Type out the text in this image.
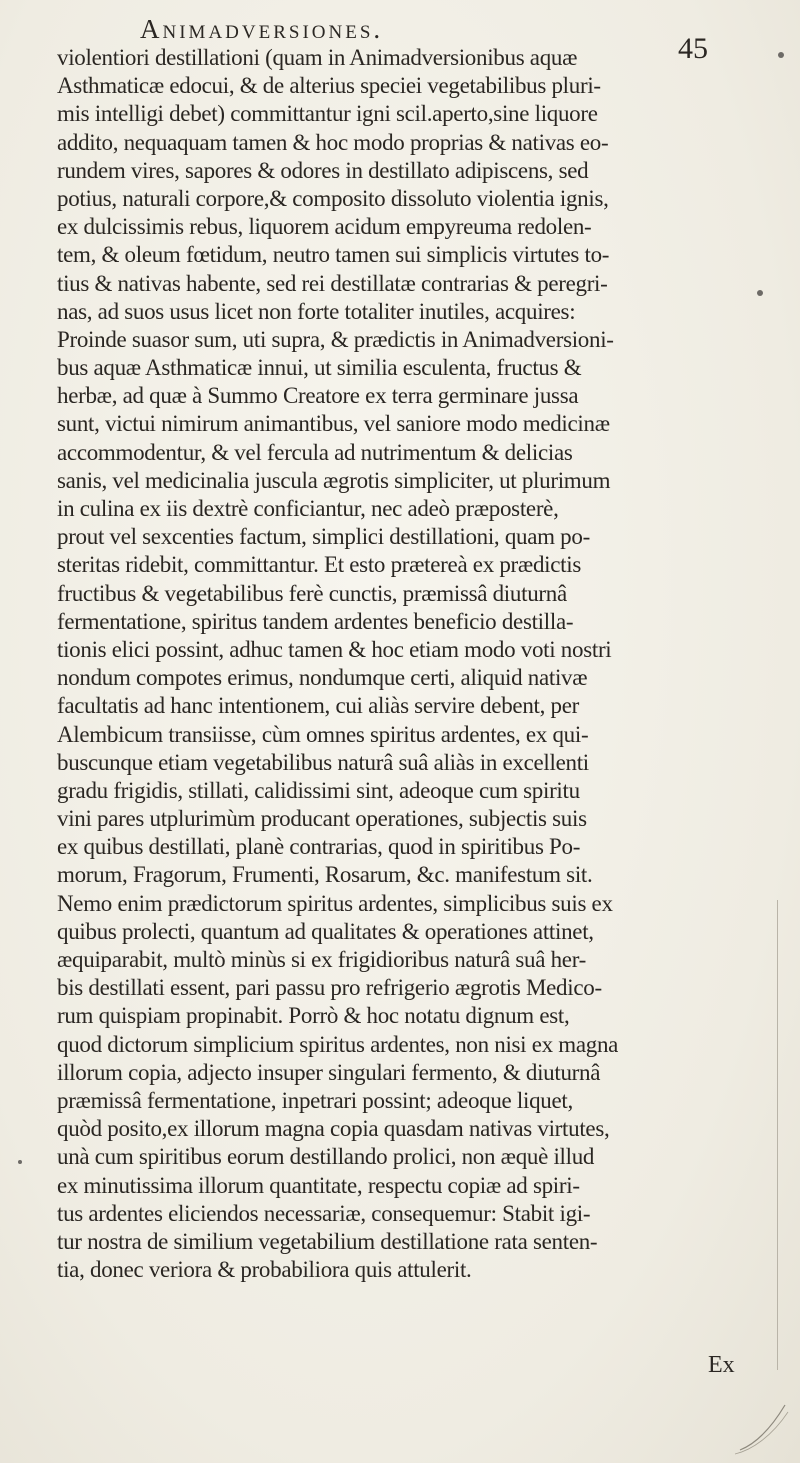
Animadversiones.
45
violentiori destillationi (quam in Animadversionibus aquæ
Asthmaticæ edocui, & de alterius speciei vegetabilibus pluri-
mis intelligi debet) committantur igni scil.aperto,sine liquore
addito, nequaquam tamen & hoc modo proprias & nativas eo-
rundem vires, sapores & odores in destillato adipiscens, sed
potius, naturali corpore,& composito dissoluto violentia ignis,
ex dulcissimis rebus, liquorem acidum empyreuma redolen-
tem, & oleum fœtidum, neutro tamen sui simplicis virtutes to-
tius & nativas habente, sed rei destillatæ contrarias & peregri-
nas, ad suos usus licet non forte totaliter inutiles, acquires:
Proinde suasor sum, uti supra, & prædictis in Animadversioni-
bus aquæ Asthmaticæ innui, ut similia esculenta, fructus &
herbæ, ad quæ à Summo Creatore ex terra germinare jussa
sunt, victui nimirum animantibus, vel saniore modo medicinæ
accommodentur, & vel fercula ad nutrimentum & delicias
sanis, vel medicinalia jusculа ægrotis simpliciter, ut plurimum
in culina ex iis dextrè conficiantur, nec adeò præposterè,
prout vel sexcenties factum, simplici destillationi, quam po-
steritas ridebit, committantur. Et esto prætereà ex prædictis
fructibus & vegetabilibus ferè cunctis, præmissâ diuturnâ
fermentatione, spiritus tandem ardentes beneficio destilla-
tionis elici possint, adhuc tamen & hoc etiam modo voti nostri
nondum compotes erimus, nondumque certi, aliquid nativæ
facultatis ad hanc intentionem, cui aliàs servire debent, per
Alembicum transiisse, cùm omnes spiritus ardentes, ex qui-
buscunque etiam vegetabilibus naturâ suâ aliàs in excellenti
gradu frigidis, stillati, calidissimi sint, adeoque cum spiritu
vini pares utplurimùm producant operationes, subjectis suis
ex quibus destillati, planè contrarias, quod in spiritibus Po-
morum, Fragorum, Frumenti, Rosarum, &c. manifestum sit.
Nemo enim prædictorum spiritus ardentes, simplicibus suis ex
quibus prolecti, quantum ad qualitates & operationes attinet,
æquiparabit, multò minùs si ex frigidioribus naturâ suâ her-
bis destillati essent, pari passu pro refrigerio ægrotis Medico-
rum quispiam propinabit. Porrò & hoc notatu dignum est,
quod dictorum simplicium spiritus ardentes, non nisi ex magna
illorum copia, adjecto insuper singulari fermento, & diuturnâ
præmissâ fermentatione, inpetrari possint; adeoque liquet,
quòd posito,ex illorum magna copia quasdam nativas virtutes,
unà cum spiritibus eorum destillando prolici, non æquè illud
ex minutissima illorum quantitate, respectu copiæ ad spiri-
tus ardentes eliciendos necessariæ, consequemur: Stabit igi-
tur nostra de similium vegetabilium destillatione rata senten-
tia, donec veriora & probabiliora quis attulerit.
Ex
